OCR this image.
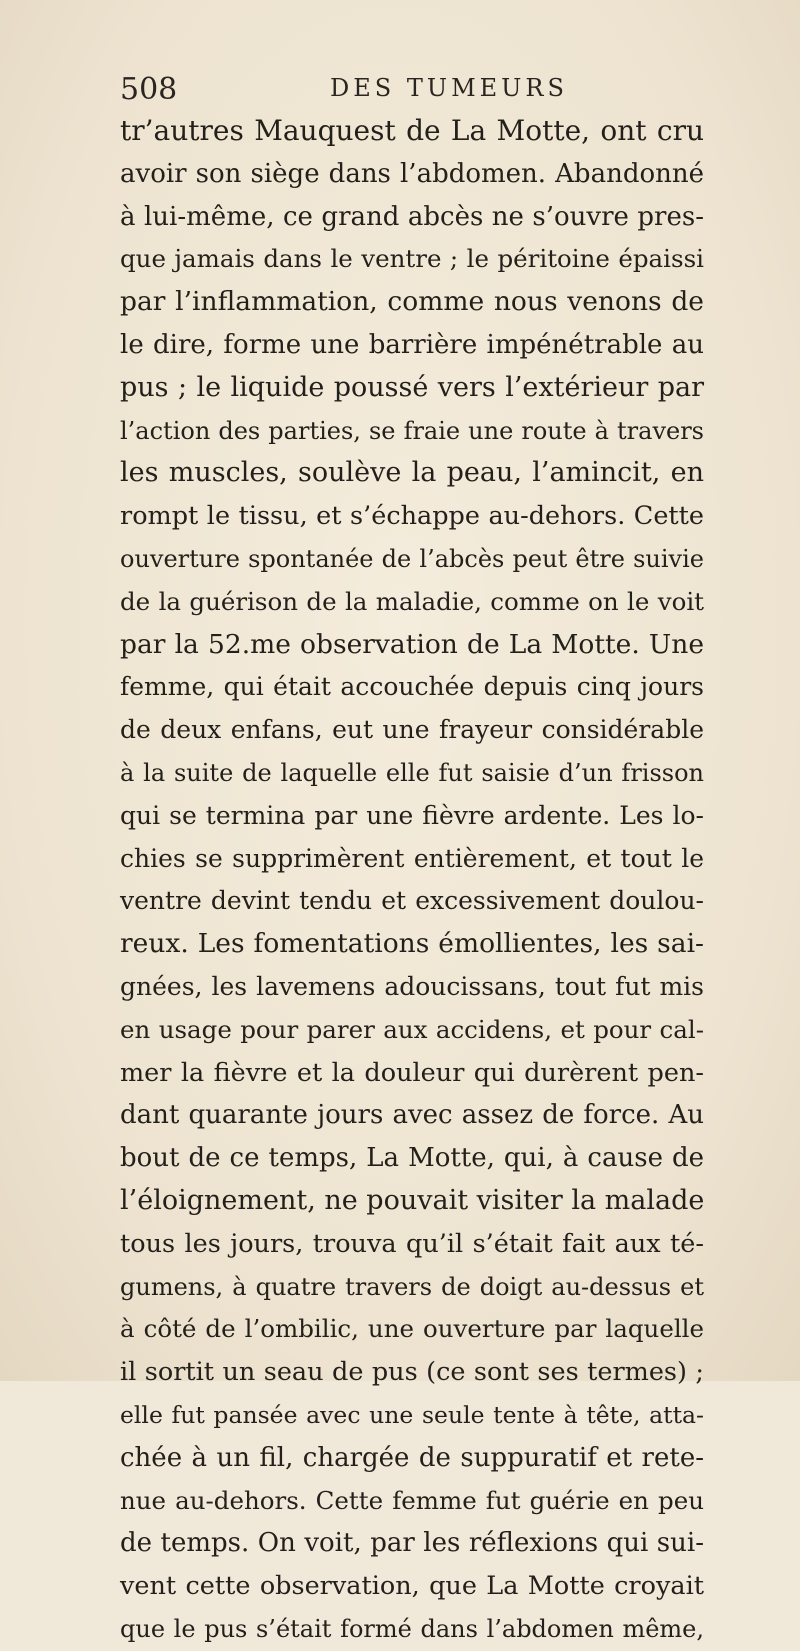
508	DES TUMEURS
tr’autres Mauquest de La Motte, ont cru
avoir son siège dans l’abdomen. Abandonné
à lui-même, ce grand abcès ne s’ouvre pres-
que jamais dans le ventre ; le péritoine épaissi
par l’inflammation, comme nous venons de
le dire, forme une barrière impénétrable au
pus ; le liquide poussé vers l’extérieur par
l’action des parties, se fraie une route à travers
les muscles, soulève la peau, l’amincit, en
rompt le tissu, et s’échappe au-dehors. Cette
ouverture spontanée de l’abcès peut être suivie
de la guérison de la maladie, comme on le voit
par la 52.me observation de La Motte. Une
femme, qui était accouchée depuis cinq jours
de deux enfans, eut une frayeur considérable
à la suite de laquelle elle fut saisie d’un frisson
qui se termina par une fièvre ardente. Les lo-
chies se supprimèrent entièrement, et tout le
ventre devint tendu et excessivement doulou-
reux. Les fomentations émollientes, les sai-
gnées, les lavemens adoucissans, tout fut mis
en usage pour parer aux accidens, et pour cal-
mer la fièvre et la douleur qui durèrent pen-
dant quarante jours avec assez de force. Au
bout de ce temps, La Motte, qui, à cause de
l’éloignement, ne pouvait visiter la malade
tous les jours, trouva qu’il s’était fait aux té-
gumens, à quatre travers de doigt au-dessus et
à côté de l’ombilic, une ouverture par laquelle
il sortit un seau de pus (ce sont ses termes) ;
elle fut pansée avec une seule tente à tête, atta-
chée à un fil, chargée de suppuratif et rete-
nue au-dehors. Cette femme fut guérie en peu
de temps. On voit, par les réflexions qui sui-
vent cette observation, que La Motte croyait
que le pus s’était formé dans l’abdomen même,
